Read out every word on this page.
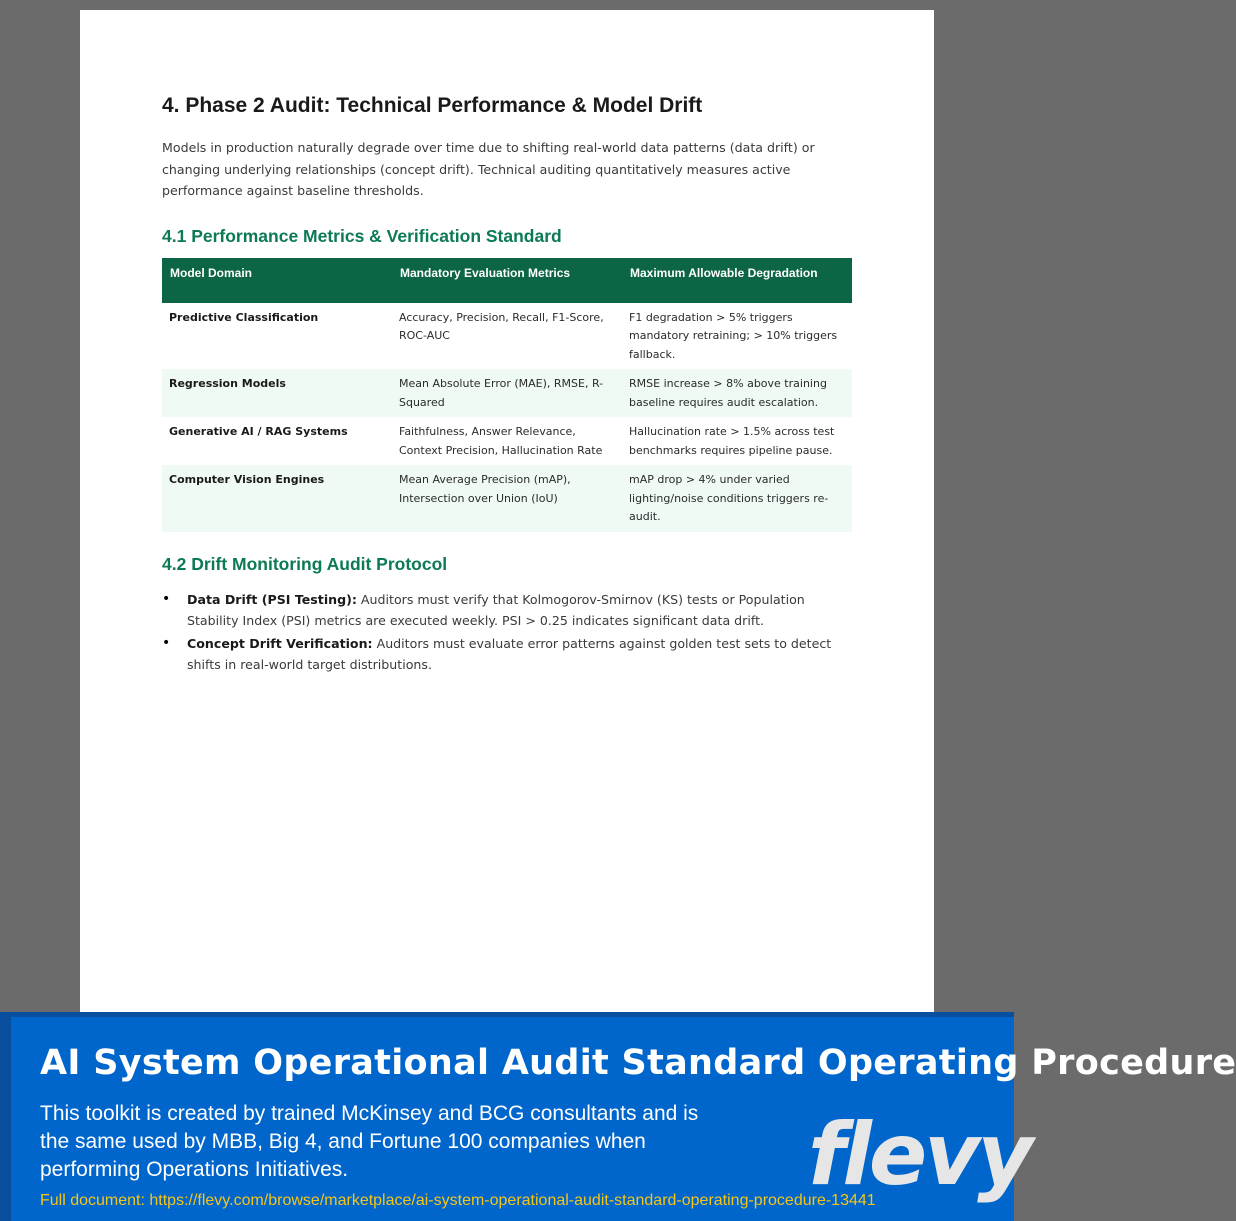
4. Phase 2 Audit: Technical Performance & Model Drift

Models in production naturally degrade over time due to shifting real-world data patterns (data drift) or changing underlying relationships (concept drift). Technical auditing quantitatively measures active performance against baseline thresholds.

4.1 Performance Metrics & Verification Standard
Model Domain	Mandatory Evaluation Metrics	Maximum Allowable Degradation
Predictive Classification	Accuracy, Precision, Recall, F1-Score, ROC-AUC	F1 degradation > 5% triggers mandatory retraining; > 10% triggers fallback.
Regression Models	Mean Absolute Error (MAE), RMSE, R-Squared	RMSE increase > 8% above training baseline requires audit escalation.
Generative AI / RAG Systems	Faithfulness, Answer Relevance, Context Precision, Hallucination Rate	Hallucination rate > 1.5% across test benchmarks requires pipeline pause.
Computer Vision Engines	Mean Average Precision (mAP), Intersection over Union (IoU)	mAP drop > 4% under varied lighting/noise conditions triggers re-audit.
4.2 Drift Monitoring Audit Protocol
• Data Drift (PSI Testing): Auditors must verify that Kolmogorov-Smirnov (KS) tests or Population Stability Index (PSI) metrics are executed weekly. PSI > 0.25 indicates significant data drift.
• Concept Drift Verification: Auditors must evaluate error patterns against golden test sets to detect shifts in real-world target distributions.
AI System Operational Audit Standard Operating Procedure
This toolkit is created by trained McKinsey and BCG consultants and is the same used by MBB, Big 4, and Fortune 100 companies when performing Operations Initiatives.
Full document: https://flevy.com/browse/marketplace/ai-system-operational-audit-standard-operating-procedure-13441
flevy
